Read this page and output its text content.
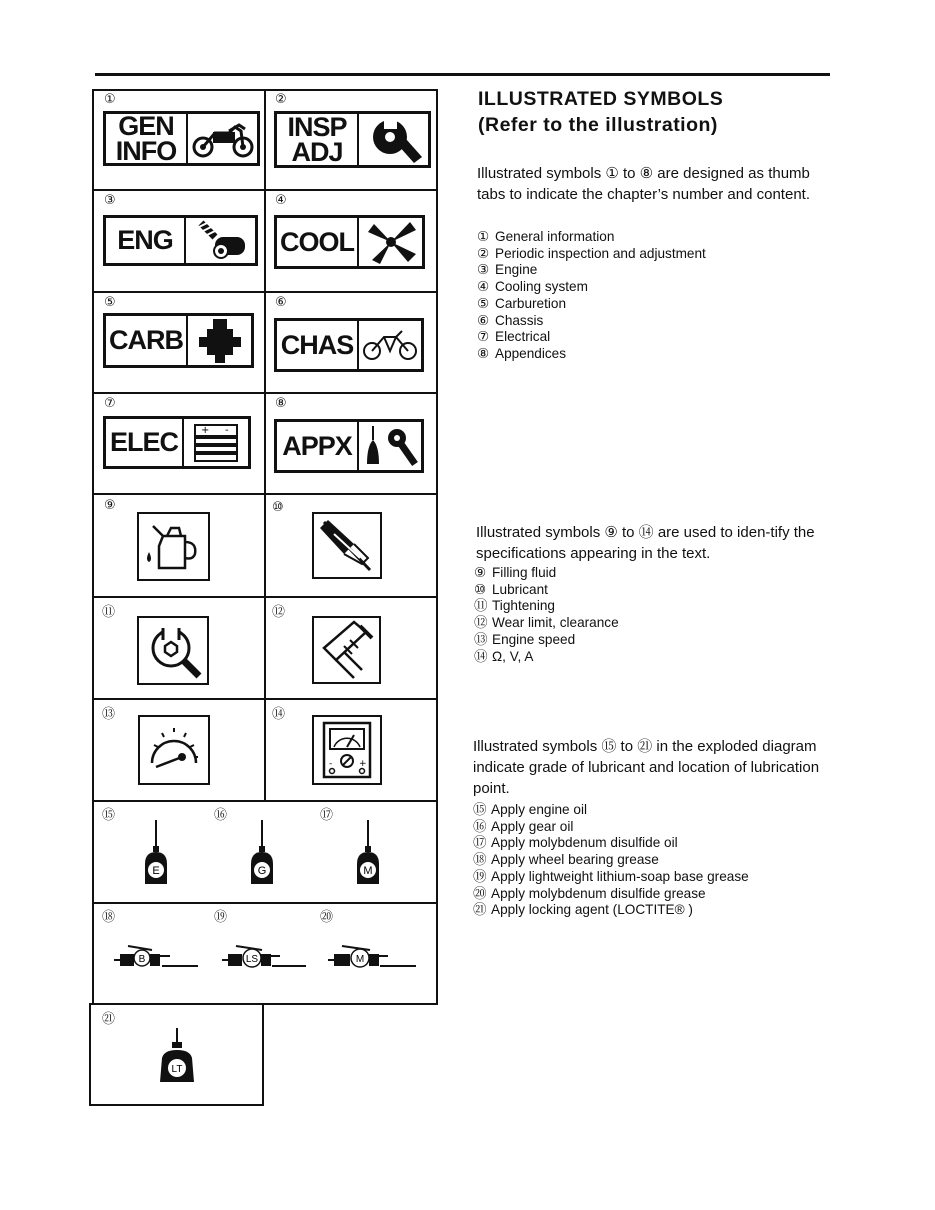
①	②
③	④
⑤	⑥
⑦	⑧
⑨	⑩
⑪	⑫
⑬	⑭
⑮	⑯	⑰
⑱	⑲	⑳
㉑
GEN
INFO
INSP
ADJ
ENG	COOL
CARB	CHAS
ELEC	+ -
APPX
-	+
E	G	M
B	LS	M
LT
ILLUSTRATED SYMBOLS
(Refer to the illustration)
Illustrated symbols ① to ⑧ are designed as thumb tabs to indicate the chapter’s number and content.
① General information
② Periodic inspection and adjustment
③ Engine
④ Cooling system
⑤ Carburetion
⑥ Chassis
⑦ Electrical
⑧ Appendices
Illustrated symbols ⑨ to ⑭ are used to iden-tify the specifications appearing in the text.
⑨ Filling fluid
⑩ Lubricant
⑪ Tightening
⑫ Wear limit, clearance
⑬ Engine speed
⑭ Ω, V, A
Illustrated symbols ⑮ to ㉑ in the exploded diagram indicate grade of lubricant and location of lubrication point.
⑮ Apply engine oil
⑯ Apply gear oil
⑰ Apply molybdenum disulfide oil
⑱ Apply wheel bearing grease
⑲ Apply lightweight lithium-soap base grease
⑳ Apply molybdenum disulfide grease
㉑ Apply locking agent (LOCTITE® )
